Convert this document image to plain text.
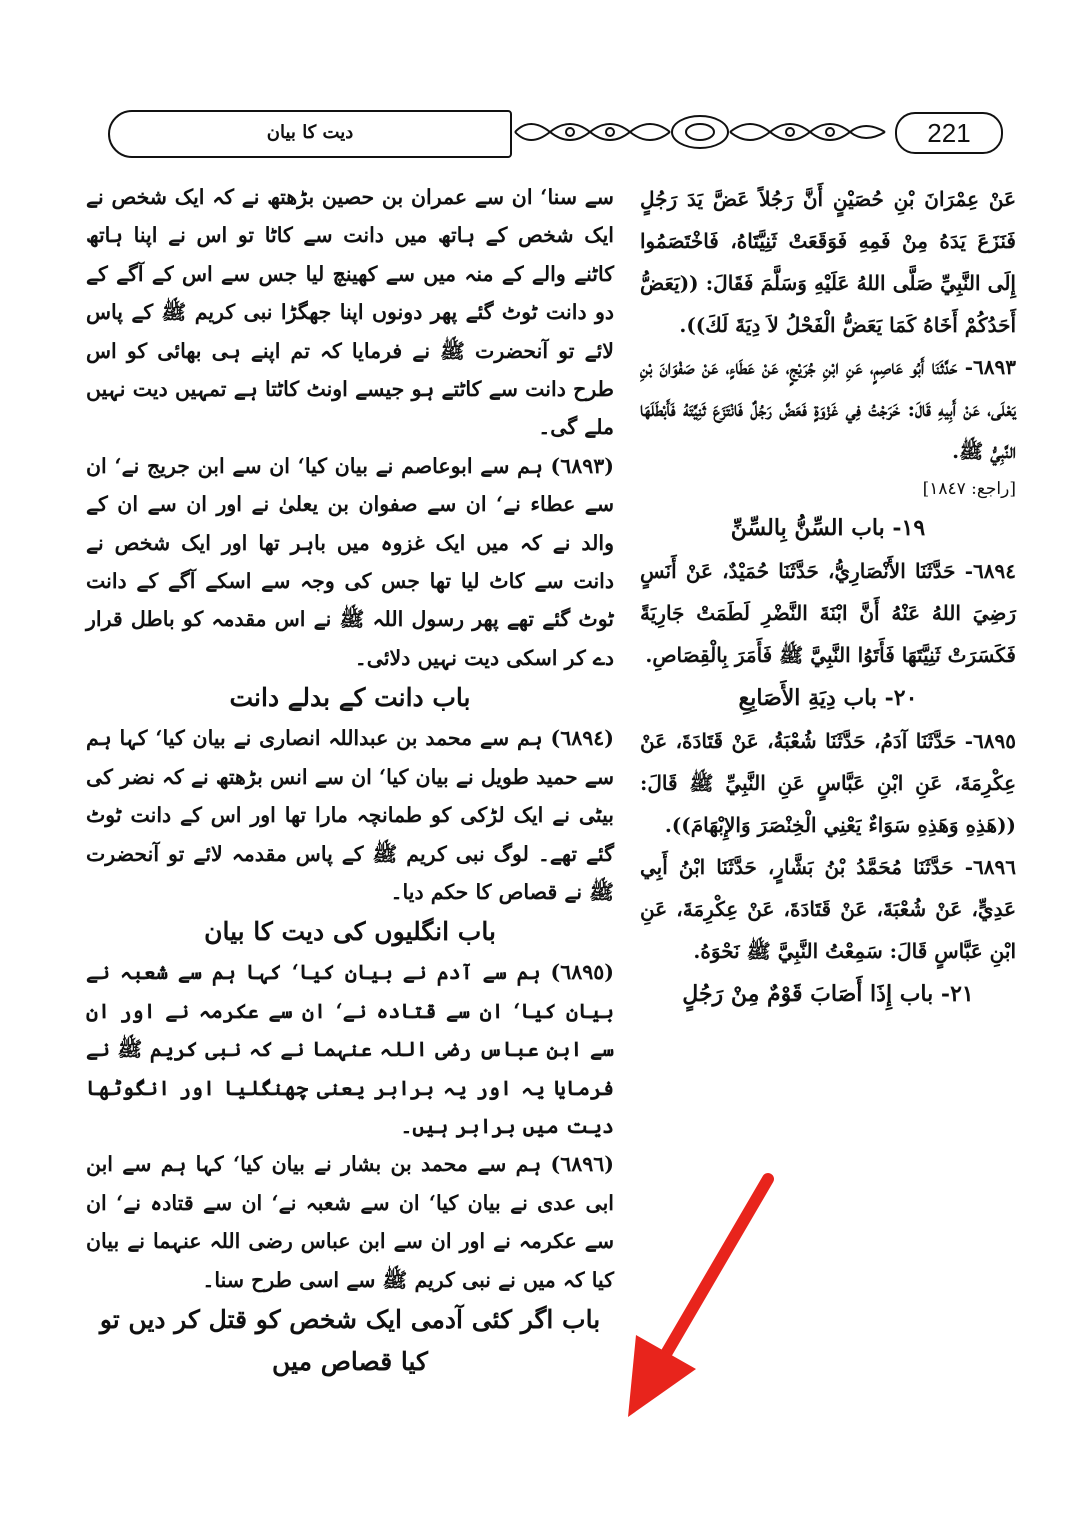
دیت کا بیان	221

سے سنا‘ ان سے عمران بن حصین بڑھتھ نے کہ ایک شخص نے ایک شخص کے ہاتھ میں دانت سے کاٹا تو اس نے اپنا ہاتھ کاٹنے والے کے منہ میں سے کھینچ لیا جس سے اس کے آگے کے دو دانت ٹوٹ گئے پھر دونوں اپنا جھگڑا نبی کریم ﷺ کے پاس لائے تو آنحضرت ﷺ نے فرمایا کہ تم اپنے ہی بھائی کو اس طرح دانت سے کاٹتے ہو جیسے اونٹ کاٹتا ہے تمہیں دیت نہیں ملے گی۔

(٦٨٩٣) ہم سے ابوعاصم نے بیان کیا‘ ان سے ابن جریج نے‘ ان سے عطاء نے‘ ان سے صفوان بن یعلیٰ نے اور ان سے ان کے والد نے کہ میں ایک غزوہ میں باہر تھا اور ایک شخص نے دانت سے کاٹ لیا تھا جس کی وجہ سے اسکے آگے کے دانت ٹوٹ گئے تھے پھر رسول اللہ ﷺ نے اس مقدمہ کو باطل قرار دے کر اسکی دیت نہیں دلائی۔

باب دانت کے بدلے دانت

(٦٨٩٤) ہم سے محمد بن عبداللہ انصاری نے بیان کیا‘ کہا ہم سے حمید طویل نے بیان کیا‘ ان سے انس بڑھتھ نے کہ نضر کی بیٹی نے ایک لڑکی کو طمانچہ مارا تھا اور اس کے دانت ٹوٹ گئے تھے۔ لوگ نبی کریم ﷺ کے پاس مقدمہ لائے تو آنحضرت ﷺ نے قصاص کا حکم دیا۔

باب انگلیوں کی دیت کا بیان

(٦٨٩٥) ہم سے آدم نے بیان کیا‘ کہا ہم سے شعبہ نے بیان کیا‘ ان سے قتادہ نے‘ ان سے عکرمہ نے اور ان سے ابن عباس رضی اللہ عنہما نے کہ نبی کریم ﷺ نے فرمایا یہ اور یہ برابر یعنی چھنگلیا اور انگوٹھا دیت میں برابر ہیں۔

(٦٨٩٦) ہم سے محمد بن بشار نے بیان کیا‘ کہا ہم سے ابن ابی عدی نے بیان کیا‘ ان سے شعبہ نے‘ ان سے قتادہ نے‘ ان سے عکرمہ نے اور ان سے ابن عباس رضی اللہ عنہما نے بیان کیا کہ میں نے نبی کریم ﷺ سے اسی طرح سنا۔

باب اگر کئی آدمی ایک شخص کو قتل کر دیں تو کیا قصاص میں

عَنْ عِمْرَانَ بْنِ حُصَيْنٍ أَنَّ رَجُلاً عَضَّ يَدَ رَجُلٍ فَنَزَعَ يَدَهُ مِنْ فَمِهِ فَوَقَعَتْ ثَنِيَّتَاهُ، فَاخْتَصَمُوا إِلَى النَّبِيِّ صَلَّى اللهُ عَلَيْهِ وَسَلَّمَ فَقَالَ: ((يَعَضُّ أَحَدُكُمْ أَخَاهُ كَمَا يَعَضُّ الْفَحْلُ لاَ دِيَةَ لَكَ)).

٦٨٩٣- حَدَّثَنَا أَبُو عَاصِمٍ، عَنِ ابْنِ جُرَيْجٍ، عَنْ عَطَاءٍ، عَنْ صَفْوَانَ بْنِ يَعْلَى، عَنْ أَبِيهِ قَالَ: خَرَجْتُ فِي غَزْوَةٍ فَعَضَّ رَجُلٌ فَانْتَزَعَ ثَنِيَّتَهُ فَأَبْطَلَهَا النَّبِيُّ ﷺ.

[راجع: ١٨٤٧]

١٩- باب السِّنُّ بِالسِّنِّ

٦٨٩٤- حَدَّثَنَا الأَنْصَارِيُّ، حَدَّثَنَا حُمَيْدٌ، عَنْ أَنَسٍ رَضِيَ اللهُ عَنْهُ أَنَّ ابْنَةَ النَّضْرِ لَطَمَتْ جَارِيَةً فَكَسَرَتْ ثَنِيَّتَهَا فَأَتَوُا النَّبِيَّ ﷺ فَأَمَرَ بِالْقِصَاصِ.

٢٠- باب دِيَةِ الأَصَابِعِ

٦٨٩٥- حَدَّثَنَا آدَمُ، حَدَّثَنَا شُعْبَةُ، عَنْ قَتَادَةَ، عَنْ عِكْرِمَةَ، عَنِ ابْنِ عَبَّاسٍ عَنِ النَّبِيِّ ﷺ قَالَ: ((هَذِهِ وَهَذِهِ سَوَاءٌ يَعْنِي الْخِنْصَرَ وَالإِبْهَامَ)).

٦٨٩٦- حَدَّثَنَا مُحَمَّدُ بْنُ بَشَّارٍ، حَدَّثَنَا ابْنُ أَبِي عَدِيٍّ، عَنْ شُعْبَةَ، عَنْ قَتَادَةَ، عَنْ عِكْرِمَةَ، عَنِ ابْنِ عَبَّاسٍ قَالَ: سَمِعْتُ النَّبِيَّ ﷺ نَحْوَهُ.

٢١- باب إِذَا أَصَابَ قَوْمٌ مِنْ رَجُلٍ
